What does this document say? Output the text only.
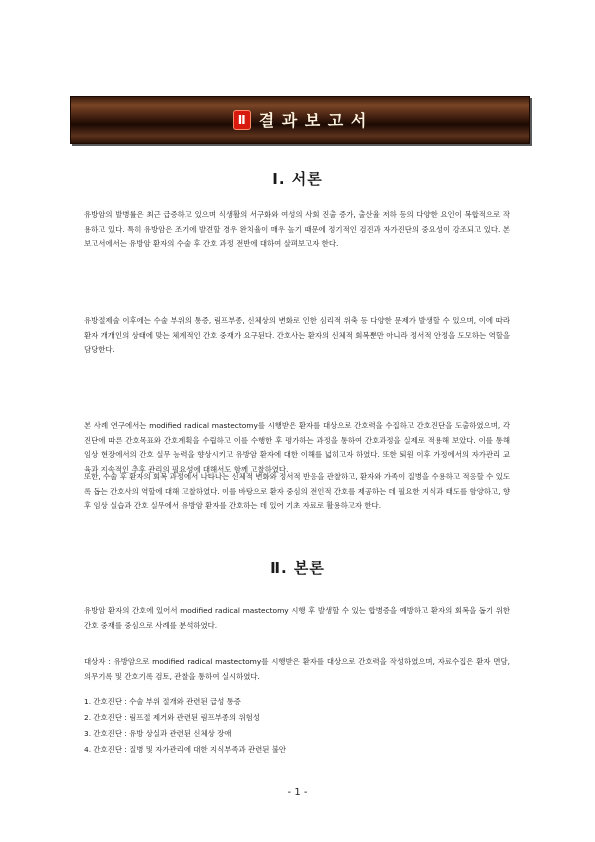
Ⅱ 결 과 보 고 서
Ⅰ. 서론

유방암의 발병률은 최근 급증하고 있으며 식생활의 서구화와 여성의 사회 진출 증가, 출산율 저하 등의 다양한 요인이 복합적으로 작용하고 있다. 특히 유방암은 조기에 발견할 경우 완치율이 매우 높기 때문에 정기적인 검진과 자가진단의 중요성이 강조되고 있다. 본 보고서에서는 유방암 환자의 수술 후 간호 과정 전반에 대하여 살펴보고자 한다.

유방절제술 이후에는 수술 부위의 통증, 림프부종, 신체상의 변화로 인한 심리적 위축 등 다양한 문제가 발생할 수 있으며, 이에 따라 환자 개개인의 상태에 맞는 체계적인 간호 중재가 요구된다. 간호사는 환자의 신체적 회복뿐만 아니라 정서적 안정을 도모하는 역할을 담당한다.

본 사례 연구에서는 modified radical mastectomy를 시행받은 환자를 대상으로 간호력을 수집하고 간호진단을 도출하였으며, 각 진단에 따른 간호목표와 간호계획을 수립하고 이를 수행한 후 평가하는 과정을 통하여 간호과정을 실제로 적용해 보았다. 이를 통해 임상 현장에서의 간호 실무 능력을 향상시키고 유방암 환자에 대한 이해를 넓히고자 하였다. 또한 퇴원 이후 가정에서의 자가관리 교육과 지속적인 추후 관리의 필요성에 대해서도 함께 고찰하였다.

또한, 수술 후 환자의 회복 과정에서 나타나는 신체적 변화와 정서적 반응을 관찰하고, 환자와 가족이 질병을 수용하고 적응할 수 있도록 돕는 간호사의 역할에 대해 고찰하였다. 이를 바탕으로 환자 중심의 전인적 간호를 제공하는 데 필요한 지식과 태도를 함양하고, 향후 임상 실습과 간호 실무에서 유방암 환자를 간호하는 데 있어 기초 자료로 활용하고자 한다.

Ⅱ. 본론

유방암 환자의 간호에 있어서 modified radical mastectomy 시행 후 발생할 수 있는 합병증을 예방하고 환자의 회복을 돕기 위한 간호 중재를 중심으로 사례를 분석하였다.

대상자 : 유방암으로 modified radical mastectomy를 시행받은 환자를 대상으로 간호력을 작성하였으며, 자료수집은 환자 면담, 의무기록 및 간호기록 검토, 관찰을 통하여 실시하였다.

1. 간호진단 : 수술 부위 절개와 관련된 급성 통증
2. 간호진단 : 림프절 제거와 관련된 림프부종의 위험성
3. 간호진단 : 유방 상실과 관련된 신체상 장애
4. 간호진단 : 질병 및 자가관리에 대한 지식부족과 관련된 불안
- 1 -
